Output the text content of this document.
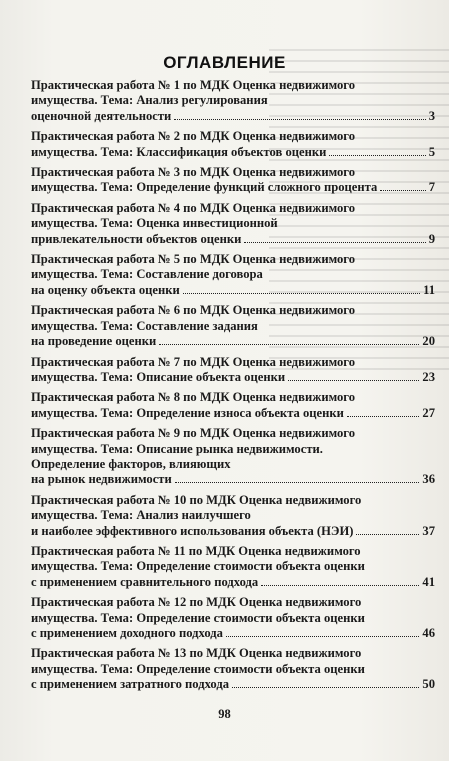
ОГЛАВЛЕНИЕ
Практическая работа № 1 по МДК Оценка недвижимого
имущества. Тема: Анализ регулирования
оценочной деятельности	3
Практическая работа № 2 по МДК Оценка недвижимого
имущества. Тема: Классификация объектов оценки	5
Практическая работа № 3 по МДК Оценка недвижимого
имущества. Тема: Определение функций сложного процента	7
Практическая работа № 4 по МДК Оценка недвижимого
имущества. Тема: Оценка инвестиционной
привлекательности объектов оценки	9
Практическая работа № 5 по МДК Оценка недвижимого
имущества. Тема: Составление договора
на оценку объекта оценки	11
Практическая работа № 6 по МДК Оценка недвижимого
имущества. Тема: Составление задания
на проведение оценки	20
Практическая работа № 7 по МДК Оценка недвижимого
имущества. Тема: Описание объекта оценки	23
Практическая работа № 8 по МДК Оценка недвижимого
имущества. Тема: Определение износа объекта оценки	27
Практическая работа № 9 по МДК Оценка недвижимого
имущества. Тема: Описание рынка недвижимости.
Определение факторов, влияющих
на рынок недвижимости	36
Практическая работа № 10 по МДК Оценка недвижимого
имущества. Тема: Анализ наилучшего
и наиболее эффективного использования объекта (НЭИ)	37
Практическая работа № 11 по МДК Оценка недвижимого
имущества. Тема: Определение стоимости объекта оценки
с применением сравнительного подхода	41
Практическая работа № 12 по МДК Оценка недвижимого
имущества. Тема: Определение стоимости объекта оценки
с применением доходного подхода	46
Практическая работа № 13 по МДК Оценка недвижимого
имущества. Тема: Определение стоимости объекта оценки
с применением затратного подхода	50
98
